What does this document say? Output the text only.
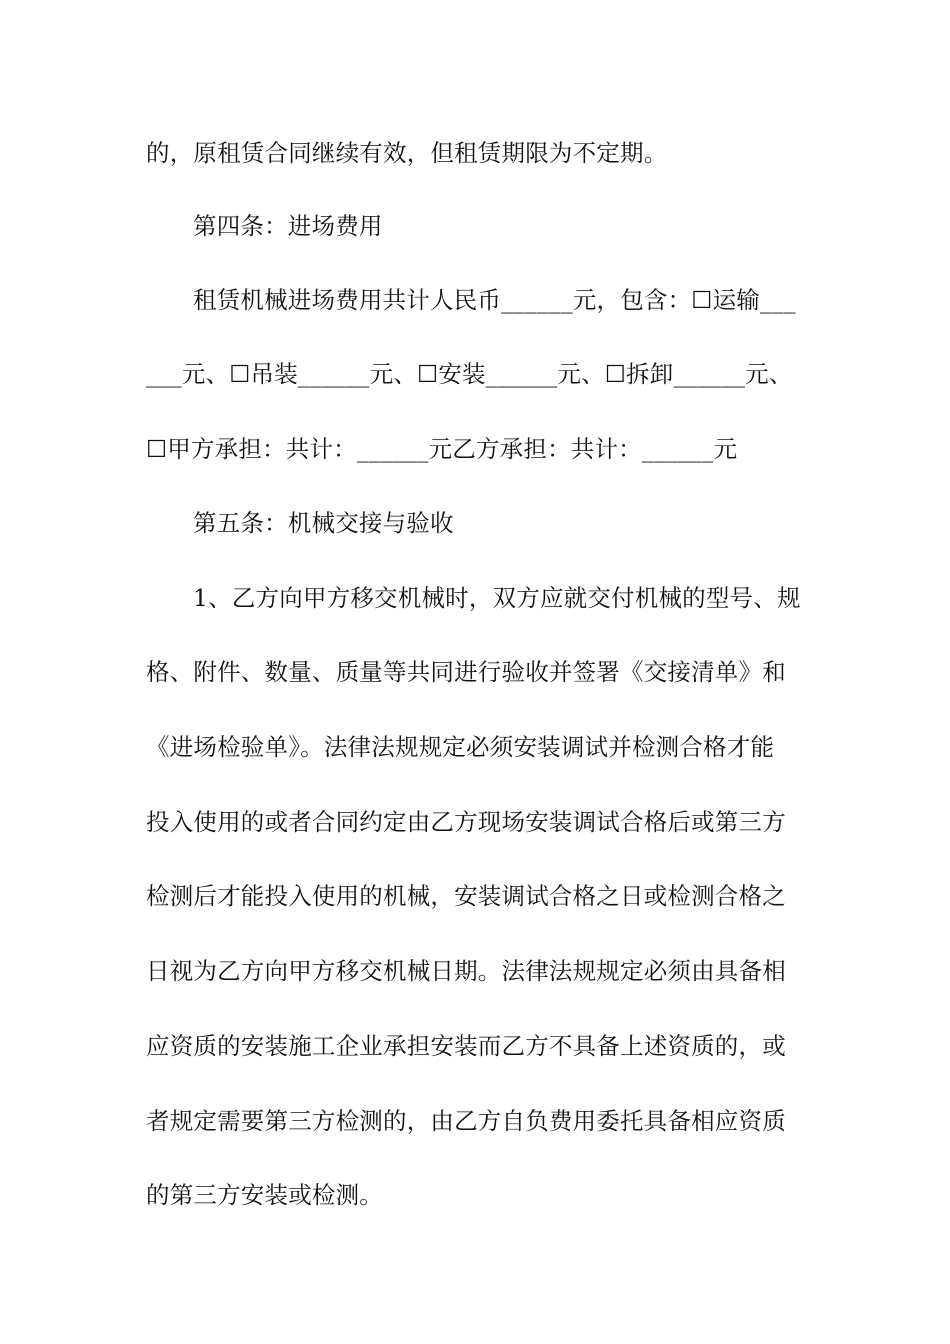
的，原租赁合同继续有效，但租赁期限为不定期。
第四条：进场费用
租赁机械进场费用共计人民币______元，包含：☐运输___
___元、☐吊装______元、☐安装______元、☐拆卸______元、
☐甲方承担：共计：______元乙方承担：共计：______元
第五条：机械交接与验收
1、乙方向甲方移交机械时，双方应就交付机械的型号、规
格、附件、数量、质量等共同进行验收并签署《交接清单》和
《进场检验单》。法律法规规定必须安装调试并检测合格才能
投入使用的或者合同约定由乙方现场安装调试合格后或第三方
检测后才能投入使用的机械，安装调试合格之日或检测合格之
日视为乙方向甲方移交机械日期。法律法规规定必须由具备相
应资质的安装施工企业承担安装而乙方不具备上述资质的，或
者规定需要第三方检测的，由乙方自负费用委托具备相应资质
的第三方安装或检测。
